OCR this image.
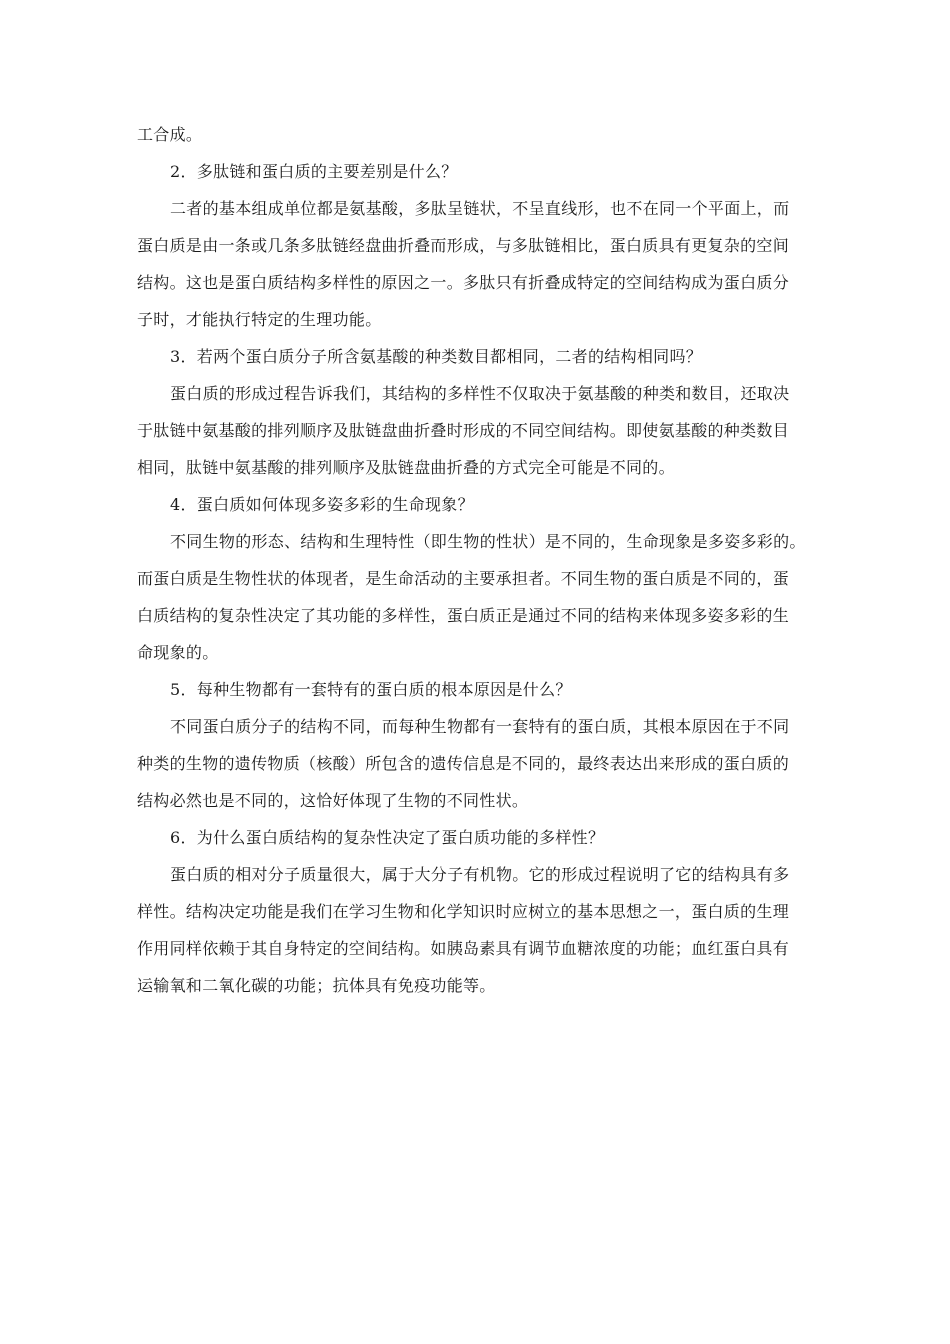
工合成。
2．多肽链和蛋白质的主要差别是什么？
二者的基本组成单位都是氨基酸，多肽呈链状，不呈直线形，也不在同一个平面上，而
蛋白质是由一条或几条多肽链经盘曲折叠而形成，与多肽链相比，蛋白质具有更复杂的空间
结构。这也是蛋白质结构多样性的原因之一。多肽只有折叠成特定的空间结构成为蛋白质分
子时，才能执行特定的生理功能。
3．若两个蛋白质分子所含氨基酸的种类数目都相同，二者的结构相同吗？
蛋白质的形成过程告诉我们，其结构的多样性不仅取决于氨基酸的种类和数目，还取决
于肽链中氨基酸的排列顺序及肽链盘曲折叠时形成的不同空间结构。即使氨基酸的种类数目
相同，肽链中氨基酸的排列顺序及肽链盘曲折叠的方式完全可能是不同的。
4．蛋白质如何体现多姿多彩的生命现象？
不同生物的形态、结构和生理特性（即生物的性状）是不同的，生命现象是多姿多彩的。
而蛋白质是生物性状的体现者，是生命活动的主要承担者。不同生物的蛋白质是不同的，蛋
白质结构的复杂性决定了其功能的多样性，蛋白质正是通过不同的结构来体现多姿多彩的生
命现象的。
5．每种生物都有一套特有的蛋白质的根本原因是什么？
不同蛋白质分子的结构不同，而每种生物都有一套特有的蛋白质，其根本原因在于不同
种类的生物的遗传物质（核酸）所包含的遗传信息是不同的，最终表达出来形成的蛋白质的
结构必然也是不同的，这恰好体现了生物的不同性状。
6．为什么蛋白质结构的复杂性决定了蛋白质功能的多样性？
蛋白质的相对分子质量很大，属于大分子有机物。它的形成过程说明了它的结构具有多
样性。结构决定功能是我们在学习生物和化学知识时应树立的基本思想之一，蛋白质的生理
作用同样依赖于其自身特定的空间结构。如胰岛素具有调节血糖浓度的功能；血红蛋白具有
运输氧和二氧化碳的功能；抗体具有免疫功能等。
